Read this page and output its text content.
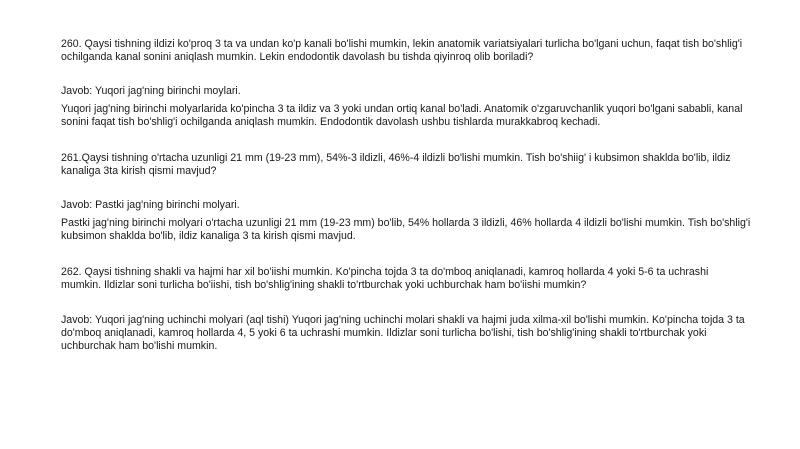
260. Qaysi tishning ildizi ko'proq 3 ta va undan ko'p kanali bo'lishi mumkin, lekin anatomik variatsiyalari turlicha bo'lgani uchun, faqat tish bo'shlig'i ochilganda kanal sonini aniqlash mumkin. Lekin endodontik davolash bu tishda qiyinroq olib boriladi?

Javob: Yuqori jag'ning birinchi moylari.

Yuqori jag'ning birinchi molyarlarida ko'pincha 3 ta ildiz va 3 yoki undan ortiq kanal bo'ladi. Anatomik o'zgaruvchanlik yuqori bo'lgani sababli, kanal sonini faqat tish bo'shlig'i ochilganda aniqlash mumkin. Endodontik davolash ushbu tishlarda murakkabroq kechadi.

261.Qaysi tishning o'rtacha uzunligi 21 mm (19-23 mm), 54%-3 ildizli, 46%-4 ildizli bo'lishi mumkin. Tish bo'shiig' i kubsimon shaklda bo'lib, ildiz kanaliga 3ta kirish qismi mavjud?

Javob: Pastki jag'ning birinchi molyari.

Pastki jag'ning birinchi molyari o'rtacha uzunligi 21 mm (19-23 mm) bo'lib, 54% hollarda 3 ildizli, 46% hollarda 4 ildizli bo'lishi mumkin. Tish bo'shlig'i kubsimon shaklda bo'lib, ildiz kanaliga 3 ta kirish qismi mavjud.

262. Qaysi tishning shakli va hajmi har xil bo'iishi mumkin. Ko'pincha tojda 3 ta do'mboq aniqlanadi, kamroq hollarda 4 yoki 5-6 ta uchrashi mumkin. Ildizlar soni turlicha bo'iishi, tish bo'shlig'ining shakli to'rtburchak yoki uchburchak ham bo'iishi mumkin?

Javob: Yuqori jag'ning uchinchi molyari (aql tishi) Yuqori jag'ning uchinchi molari shakli va hajmi juda xilma-xil bo'lishi mumkin. Ko'pincha tojda 3 ta do'mboq aniqlanadi, kamroq hollarda 4, 5 yoki 6 ta uchrashi mumkin. Ildizlar soni turlicha bo'lishi, tish bo'shlig'ining shakli to'rtburchak yoki uchburchak ham bo'lishi mumkin.
